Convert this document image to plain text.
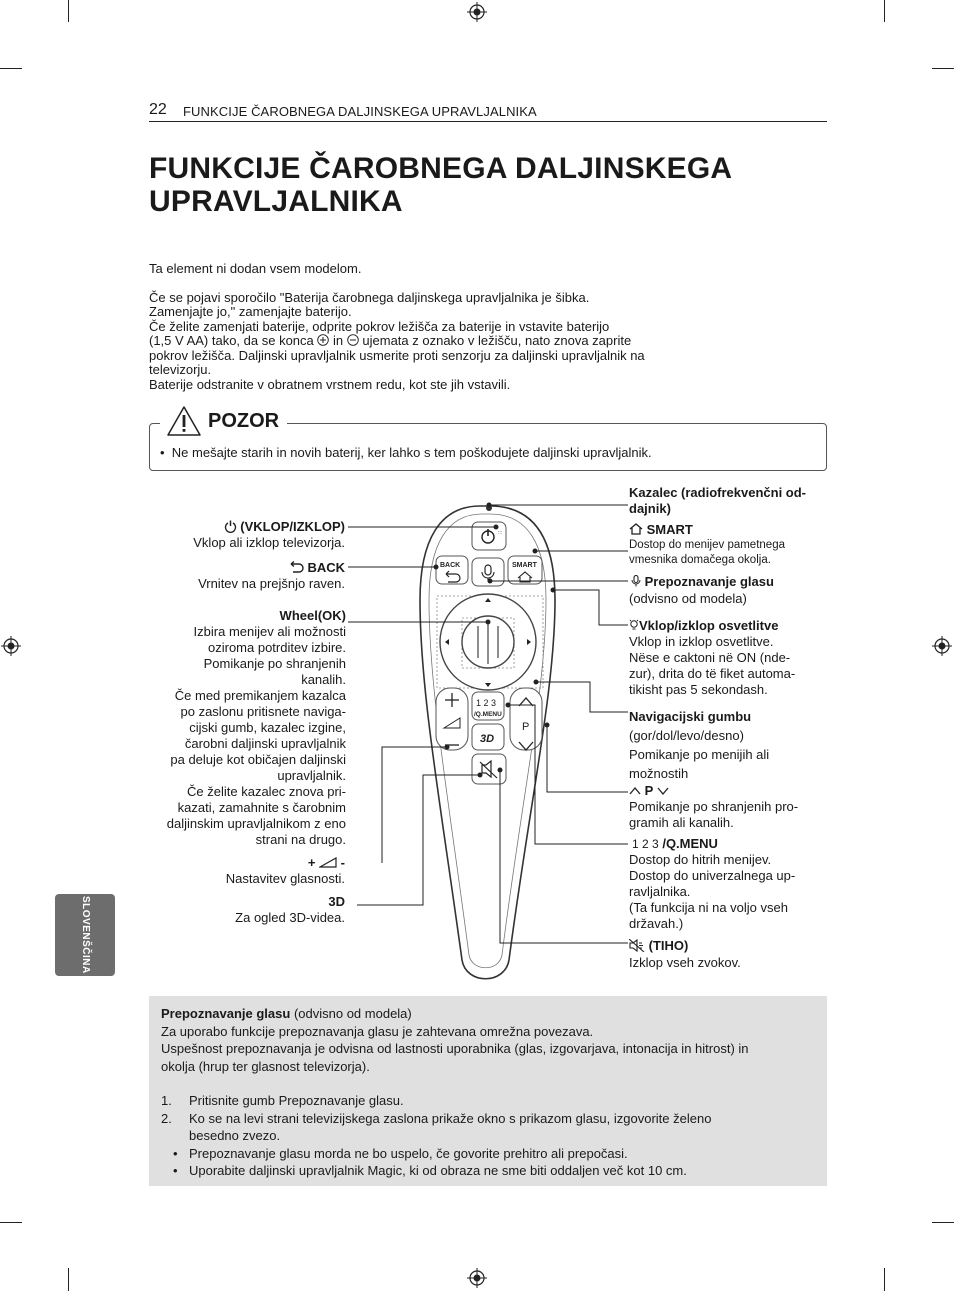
22 FUNKCIJE ČAROBNEGA DALJINSKEGA UPRAVLJALNIKA
FUNKCIJE ČAROBNEGA DALJINSKEGA
UPRAVLJALNIKA
Ta element ni dodan vsem modelom.
Če se pojavi sporočilo "Baterija čarobnega daljinskega upravljalnika je šibka.
Zamenjajte jo," zamenjajte baterijo.
Če želite zamenjati baterije, odprite pokrov ležišča za baterije in vstavite baterijo
(1,5 V AA) tako, da se konca in ujemata z oznako v ležišču, nato znova zaprite
pokrov ležišča. Daljinski upravljalnik usmerite proti senzorju za daljinski upravljalnik na
televizorju.
Baterije odstranite v obratnem vrstnem redu, kot ste jih vstavili.
POZOR
• Ne mešajte starih in novih baterij, ker lahko s tem poškodujete daljinski upravljalnik.
:::
BACK	SMART
1 2 3
/Q.MENU
P
3D
(VKLOP/IZKLOP)
Vklop ali izklop televizorja.
BACK
Vrnitev na prejšnjo raven.
Wheel(OK)
Izbira menijev ali možnosti
oziroma potrditev izbire.
Pomikanje po shranjenih
kanalih.
Če med premikanjem kazalca
po zaslonu pritisnete naviga-
cijski gumb, kazalec izgine,
čarobni daljinski upravljalnik
pa deluje kot običajen daljinski
upravljalnik.
Če želite kazalec znova pri-
kazati, zamahnite s čarobnim
daljinskim upravljalnikom z eno
strani na drugo.
+ -
Nastavitev glasnosti.
3D
Za ogled 3D-videa.
Kazalec (radiofrekvenčni od-
dajnik)
SMART
Dostop do menijev pametnega
vmesnika domačega okolja.
Prepoznavanje glasu
(odvisno od modela)
Vklop/izklop osvetlitve
Vklop in izklop osvetlitve.
Nëse e caktoni në ON (nde-
zur), drita do të fiket automa-
tikisht pas 5 sekondash.
Navigacijski gumbu
(gor/dol/levo/desno)
Pomikanje po menijih ali
možnostih
P
Pomikanje po shranjenih pro-
gramih ali kanalih.
1 2 3 /Q.MENU
Dostop do hitrih menijev.
Dostop do univerzalnega up-
ravljalnika.
(Ta funkcija ni na voljo vseh
državah.)
(TIHO)
Izklop vseh zvokov.
SLOVENŠČINA
Prepoznavanje glasu (odvisno od modela)
Za uporabo funkcije prepoznavanja glasu je zahtevana omrežna povezava.
Uspešnost prepoznavanja je odvisna od lastnosti uporabnika (glas, izgovarjava, intonacija in hitrost) in
okolja (hrup ter glasnost televizorja).
1.	Pritisnite gumb Prepoznavanje glasu.
2.	Ko se na levi strani televizijskega zaslona prikaže okno s prikazom glasu, izgovorite želeno
besedno zvezo.
• Prepoznavanje glasu morda ne bo uspelo, če govorite prehitro ali prepočasi.
• Uporabite daljinski upravljalnik Magic, ki od obraza ne sme biti oddaljen več kot 10 cm.
